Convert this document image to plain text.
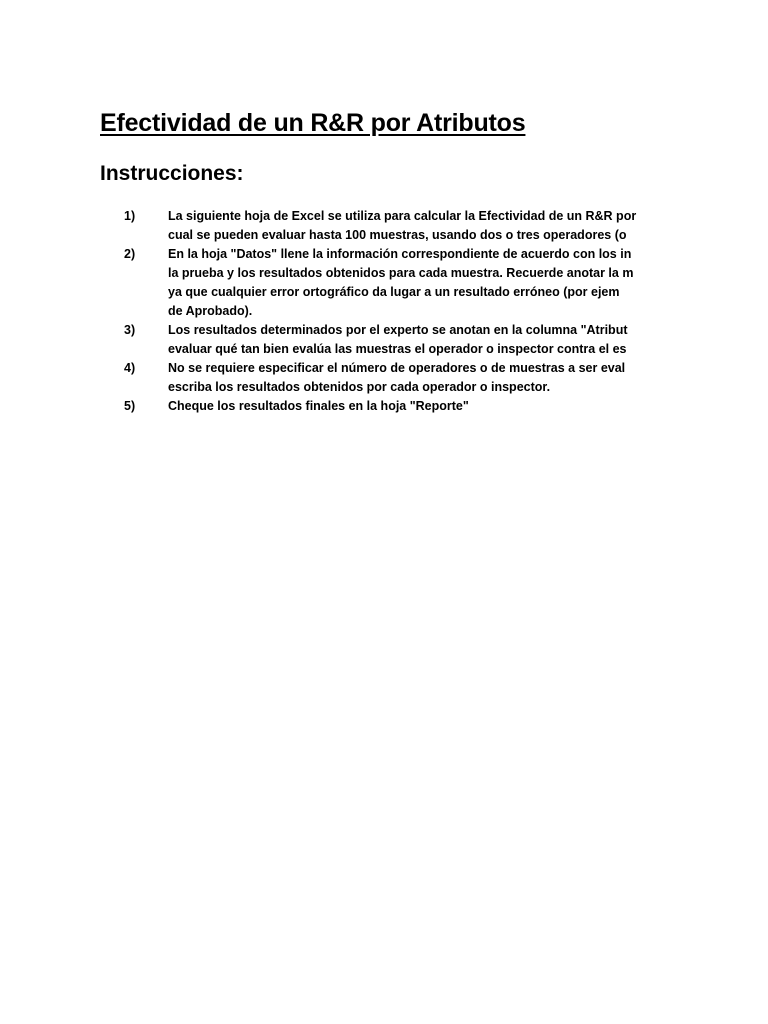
Efectividad de un R&R por Atributos
Instrucciones:
1)	La siguiente hoja de Excel se utiliza para calcular la Efectividad de un R&R por
cual se pueden evaluar hasta 100 muestras, usando dos o tres operadores (o
2)	En la hoja "Datos" llene la información correspondiente de acuerdo con los in
la prueba y los resultados obtenidos para cada muestra. Recuerde anotar la m
ya que cualquier error ortográfico da lugar a un resultado erróneo (por ejem
de Aprobado).
3)	Los resultados determinados por el experto se anotan en la columna "Atribut
evaluar qué tan bien evalúa las muestras el operador o inspector contra el es
4)	No se requiere especificar el número de operadores o de muestras a ser eval
escriba los resultados obtenidos por cada operador o inspector.
5)	Cheque los resultados finales en la hoja "Reporte"
